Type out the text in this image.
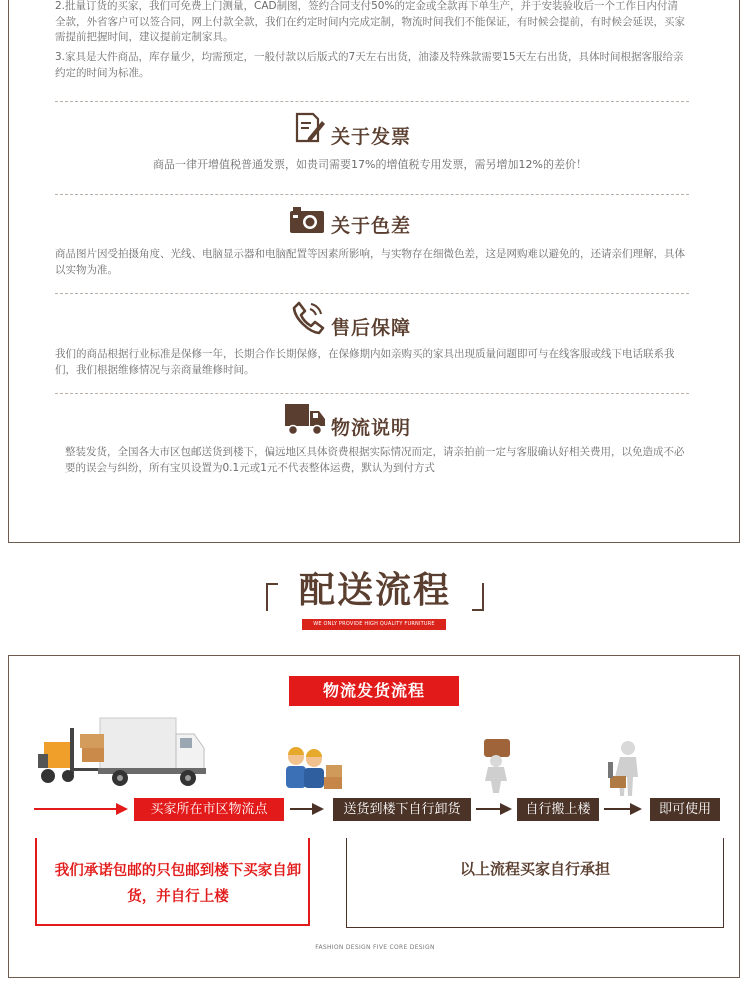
2.批量订货的买家，我们可免费上门测量，CAD制图，签约合同支付50%的定金或全款再下单生产，并于安装验收后一个工作日内付清全款，外省客户可以签合同，网上付款全款，我们在约定时间内完成定制，物流时间我们不能保证，有时候会提前，有时候会延误，买家需提前把握时间，建议提前定制家具。
3.家具是大件商品，库存量少，均需预定，一般付款以后版式的7天左右出货，油漆及特殊款需要15天左右出货，具体时间根据客服给亲约定的时间为标准。
关于发票
商品一律开增值税普通发票，如贵司需要17%的增值税专用发票，需另增加12%的差价！
关于色差
商品图片因受拍摄角度、光线、电脑显示器和电脑配置等因素所影响，与实物存在细微色差，这是网购难以避免的，还请亲们理解，具体以实物为准。
售后保障
我们的商品根据行业标准是保修一年，长期合作长期保修，在保修期内如亲购买的家具出现质量问题即可与在线客服或线下电话联系我们，我们根据维修情况与亲商量维修时间。
物流说明
整装发货，全国各大市区包邮送货到楼下，偏远地区具体资费根据实际情况而定，请亲拍前一定与客服确认好相关费用，以免造成不必要的误会与纠纷，所有宝贝设置为0.1元或1元不代表整体运费，默认为到付方式
配送流程
WE ONLY PROVIDE HIGH QUALITY FURNITURE
物流发货流程
买家所在市区物流点	送货到楼下自行卸货	自行搬上楼	即可使用
我们承诺包邮的只包邮到楼下买家自卸货，并自行上楼
以上流程买家自行承担
FASHION DESIGN FIVE CORE DESIGN
